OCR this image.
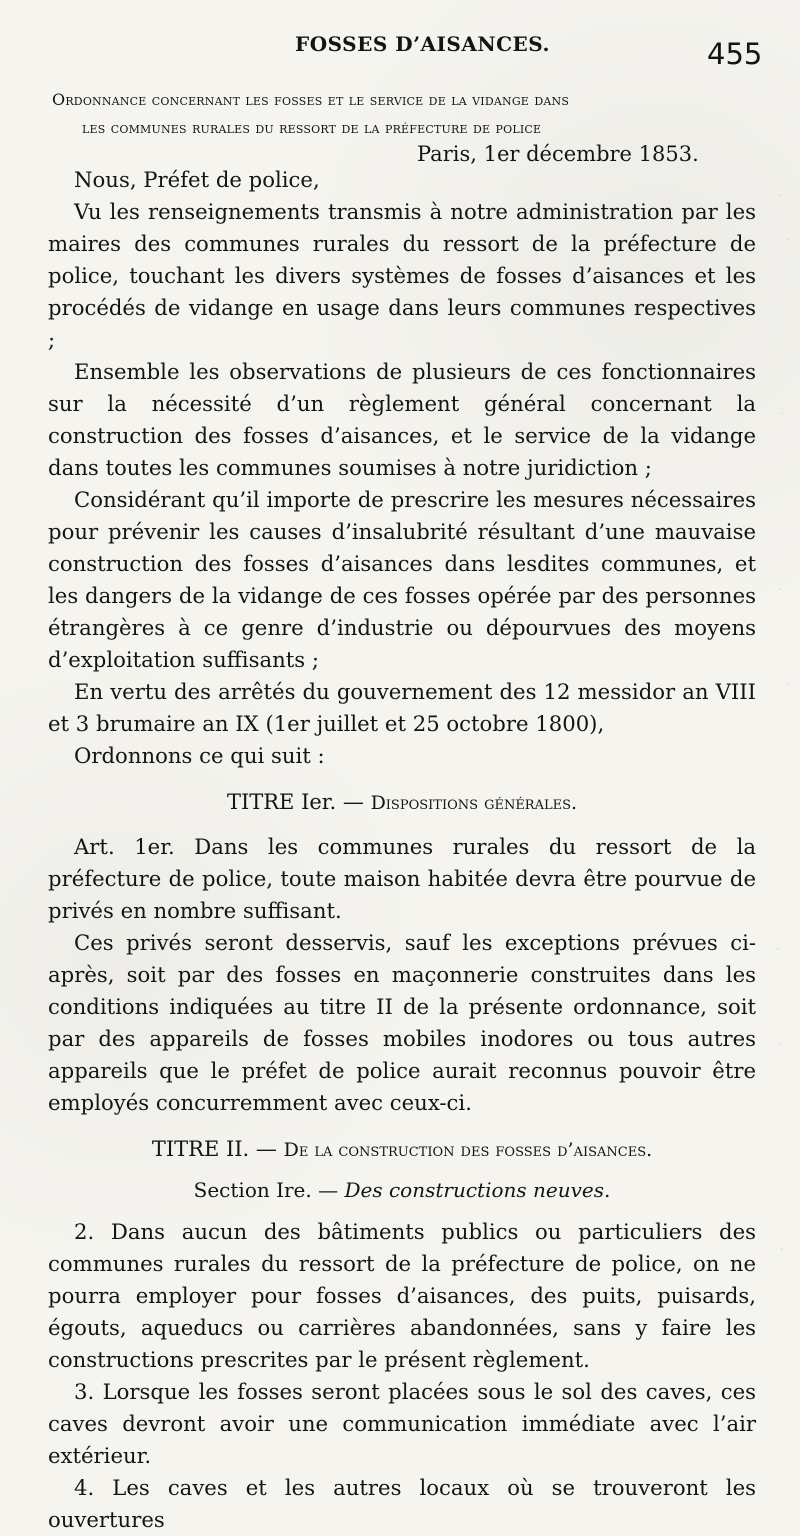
FOSSES D’AISANCES.	455
Ordonnance concernant les fosses et le service de la vidange dans
les communes rurales du ressort de la préfecture de police
Paris, 1er décembre 1853.

Nous, Préfet de police,

Vu les renseignements transmis à notre administration par les maires des communes rurales du ressort de la préfecture de police, touchant les divers systèmes de fosses d’aisances et les procédés de vidange en usage dans leurs communes respectives ;

Ensemble les observations de plusieurs de ces fonctionnaires sur la nécessité d’un règlement général concernant la construction des fosses d’aisances, et le service de la vidange dans toutes les communes soumises à notre juridiction ;

Considérant qu’il importe de prescrire les mesures nécessaires pour prévenir les causes d’insalubrité résultant d’une mauvaise construction des fosses d’aisances dans lesdites communes, et les dangers de la vidange de ces fosses opérée par des personnes étrangères à ce genre d’industrie ou dépourvues des moyens d’exploitation suffisants ;

En vertu des arrêtés du gouvernement des 12 messidor an VIII et 3 brumaire an IX (1er juillet et 25 octobre 1800),

Ordonnons ce qui suit :

TITRE Ier. — Dispositions générales.

Art. 1er. Dans les communes rurales du ressort de la préfecture de police, toute maison habitée devra être pourvue de privés en nombre suffisant.

Ces privés seront desservis, sauf les exceptions prévues ci-après, soit par des fosses en maçonnerie construites dans les conditions indiquées au titre II de la présente ordonnance, soit par des appareils de fosses mobiles inodores ou tous autres appareils que le préfet de police aurait reconnus pouvoir être employés concurremment avec ceux-ci.

TITRE II. — De la construction des fosses d’aisances.
Section Ire. — Des constructions neuves.

2. Dans aucun des bâtiments publics ou particuliers des communes rurales du ressort de la préfecture de police, on ne pourra employer pour fosses d’aisances, des puits, puisards, égouts, aqueducs ou carrières abandonnées, sans y faire les constructions prescrites par le présent règlement.

3. Lorsque les fosses seront placées sous le sol des caves, ces caves devront avoir une communication immédiate avec l’air extérieur.

4. Les caves et les autres locaux où se trouveront les ouvertures

·
·
·
·
·
·
·
·
